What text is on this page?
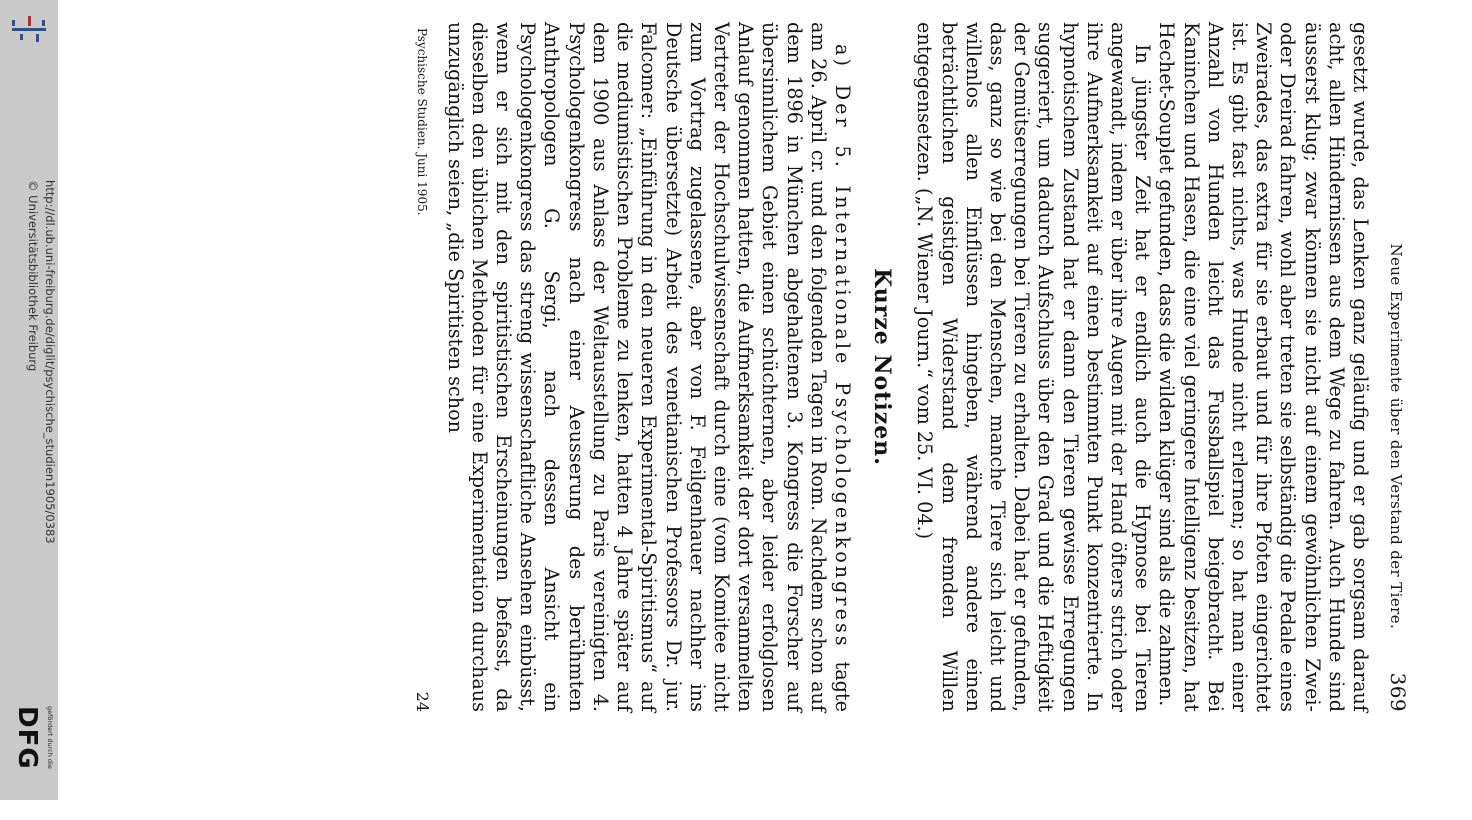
http://dl.ub.uni-freiburg.de/diglit/psychische_studien1905/0383
© Universitätsbibliothek Freiburg
gefördert durch die
DFG
Neue Experimente über den Verstand der Tiere.
369

gesetzt wurde, das Lenken ganz geläufig und er gab sorgsam darauf acht, allen Hindernissen aus dem Wege zu fahren. Auch Hunde sind äusserst klug; zwar können sie nicht auf einem gewöhnlichen Zwei- oder Dreirad fahren, wohl aber treten sie selbständig die Pedale eines Zweirades, das extra für sie erbaut und für ihre Pfoten eingerichtet ist. Es gibt fast nichts, was Hunde nicht erlernen; so hat man einer Anzahl von Hunden leicht das Fussballspiel beigebracht. Bei Kaninchen und Hasen, die eine viel geringere Intelligenz besitzen, hat Hechet-Souplet gefunden, dass die wilden klüger sind als die zahmen.

In jüngster Zeit hat er endlich auch die Hypnose bei Tieren angewandt, indem er über ihre Augen mit der Hand öfters strich oder ihre Aufmerksamkeit auf einen bestimmten Punkt konzentrierte. In hypnotischem Zustand hat er dann den Tieren gewisse Erregungen suggeriert, um dadurch Aufschluss über den Grad und die Heftigkeit der Gemütserregungen bei Tieren zu erhalten. Dabei hat er gefunden, dass, ganz so wie bei den Menschen, manche Tiere sich leicht und willenlos allen Einflüssen hingeben, während andere einen beträchtlichen geistigen Widerstand dem fremden Willen entgegensetzen. („N. Wiener Journ.“ vom 25. VI. 04.)

Kurze Notizen.

a) Der 5. Internationale Psychologenkongress tagte am 26. April cr. und den folgenden Tagen in Rom. Nachdem schon auf dem 1896 in München abgehaltenen 3. Kongress die Forscher auf übersinnlichem Gebiet einen schüchternen, aber leider erfolglosen Anlauf genommen hatten, die Aufmerksamkeit der dort versammelten Vertreter der Hochschulwissenschaft durch eine (vom Komitee nicht zum Vortrag zugelassene, aber von F. Feilgenhauer nachher ins Deutsche übersetzte) Arbeit des venetianischen Professors Dr. jur. Falcomer: „Einführung in den neueren Experimental-Spiritismus“ auf die mediumistischen Probleme zu lenken, hatten 4 Jahre später auf dem 1900 aus Anlass der Weltausstellung zu Paris vereinigten 4. Psychologenkongress nach einer Aeusserung des berühmten Anthropologen G. Sergi, nach dessen Ansicht ein Psychologenkongress das streng wissenschaftliche Ansehen einbüsst, wenn er sich mit den spiritistischen Erscheinungen befasst, da dieselben den üblichen Methoden für eine Experimentation durchaus unzugänglich seien, „die Spiritisten schon

Psychische Studien. Juni 1905.
24
